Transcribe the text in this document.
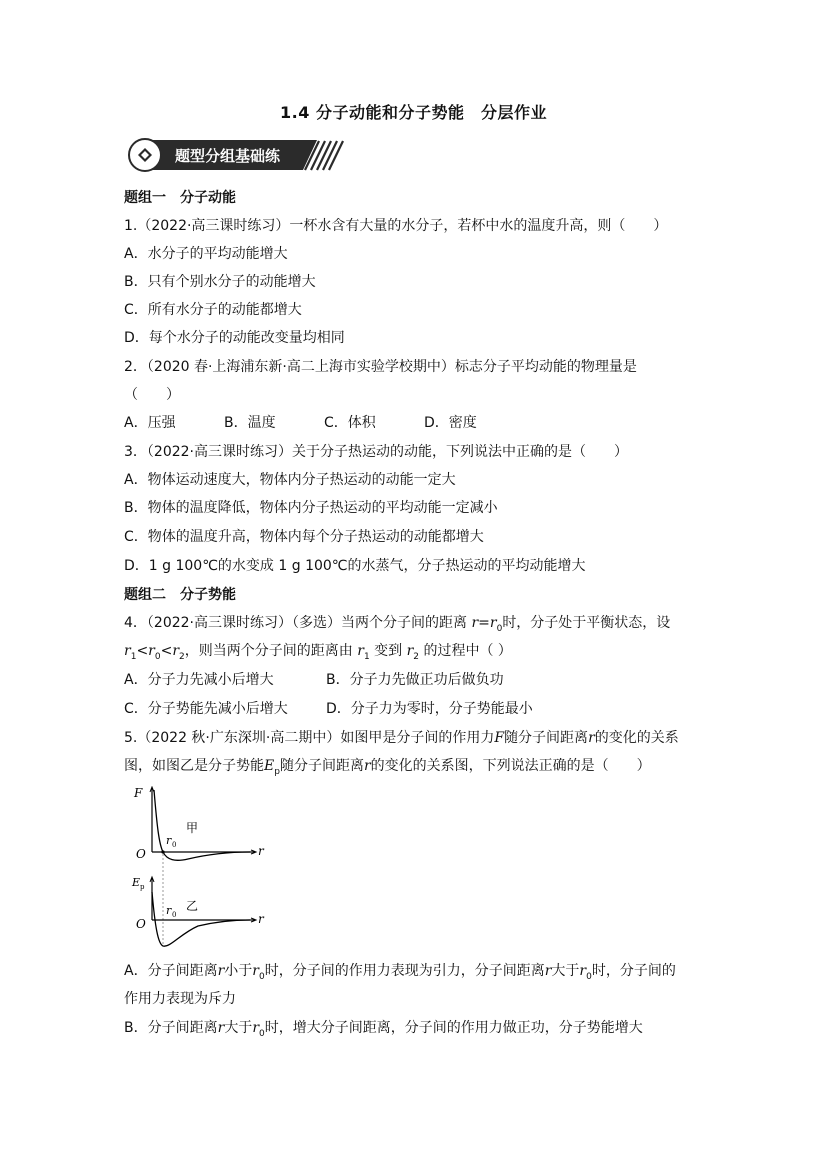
1.4 分子动能和分子势能　分层作业
题型分组基础练
题组一　分子动能
1.（2022·高三课时练习）一杯水含有大量的水分子，若杯中水的温度升高，则（　　）
A．水分子的平均动能增大
B．只有个别水分子的动能增大
C．所有水分子的动能都增大
D．每个水分子的动能改变量均相同
2．（2020 春·上海浦东新·高二上海市实验学校期中）标志分子平均动能的物理量是
（　　）
A．压强	B．温度	C．体积	D．密度
3．（2022·高三课时练习）关于分子热运动的动能，下列说法中正确的是（　　）
A．物体运动速度大，物体内分子热运动的动能一定大
B．物体的温度降低，物体内分子热运动的平均动能一定减小
C．物体的温度升高，物体内每个分子热运动的动能都增大
D．1 g 100℃的水变成 1 g 100℃的水蒸气，分子热运动的平均动能增大
题组二　分子势能
4．（2022·高三课时练习）（多选）当两个分子间的距离 $r=r_0$时，分子处于平衡状态，设
$r_1<r_0<r_2$，则当两个分子间的距离由 $r_1$ 变到 $r_2$ 的过程中（ ）
A．分子力先减小后增大	B．分子力先做正功后做负功
C．分子势能先减小后增大	D．分子力为零时，分子势能最小
5.（2022 秋·广东深圳·高二期中）如图甲是分子间的作用力F随分子间距离r的变化的关系
图，如图乙是分子势能$E_p$随分子间距离r的变化的关系图，下列说法正确的是（　　）
F
r
O
r 0
甲
E p
r
O
r 0
乙
A．分子间距离r小于$r_0$时，分子间的作用力表现为引力，分子间距离r大于$r_0$时，分子间的
作用力表现为斥力
B．分子间距离r大于$r_0$时，增大分子间距离，分子间的作用力做正功，分子势能增大
